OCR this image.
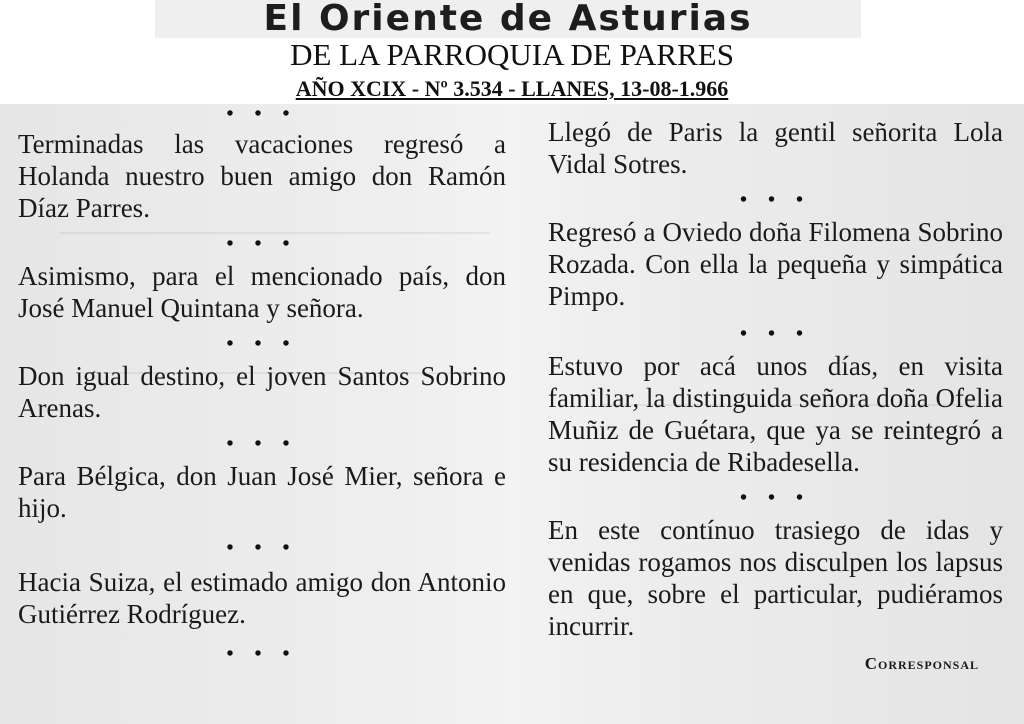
El Oriente de Asturias
DE LA PARROQUIA DE PARRES
AÑO XCIX - Nº 3.534 - LLANES, 13-08-1.966
• • •

Terminadas las vacaciones regresó a Holanda nuestro buen amigo don Ramón Díaz Parres.

• • •

Asimismo, para el mencionado país, don José Manuel Quintana y señora.

• • •

Don igual destino, el joven Santos Sobrino Arenas.

• • •

Para Bélgica, don Juan José Mier, señora e hijo.

• • •

Hacia Suiza, el estimado amigo don Antonio Gutiérrez Rodríguez.

• • •

Llegó de Paris la gentil señorita Lola Vidal Sotres.

• • •

Regresó a Oviedo doña Filomena Sobrino Rozada. Con ella la pequeña y simpática Pimpo.

• • •

Estuvo por acá unos días, en visita familiar, la distinguida señora doña Ofelia Muñiz de Guétara, que ya se reintegró a su residencia de Ribadesella.

• • •

En este contínuo trasiego de idas y venidas rogamos nos disculpen los lapsus en que, sobre el particular, pudiéramos incurrir.

Corresponsal
